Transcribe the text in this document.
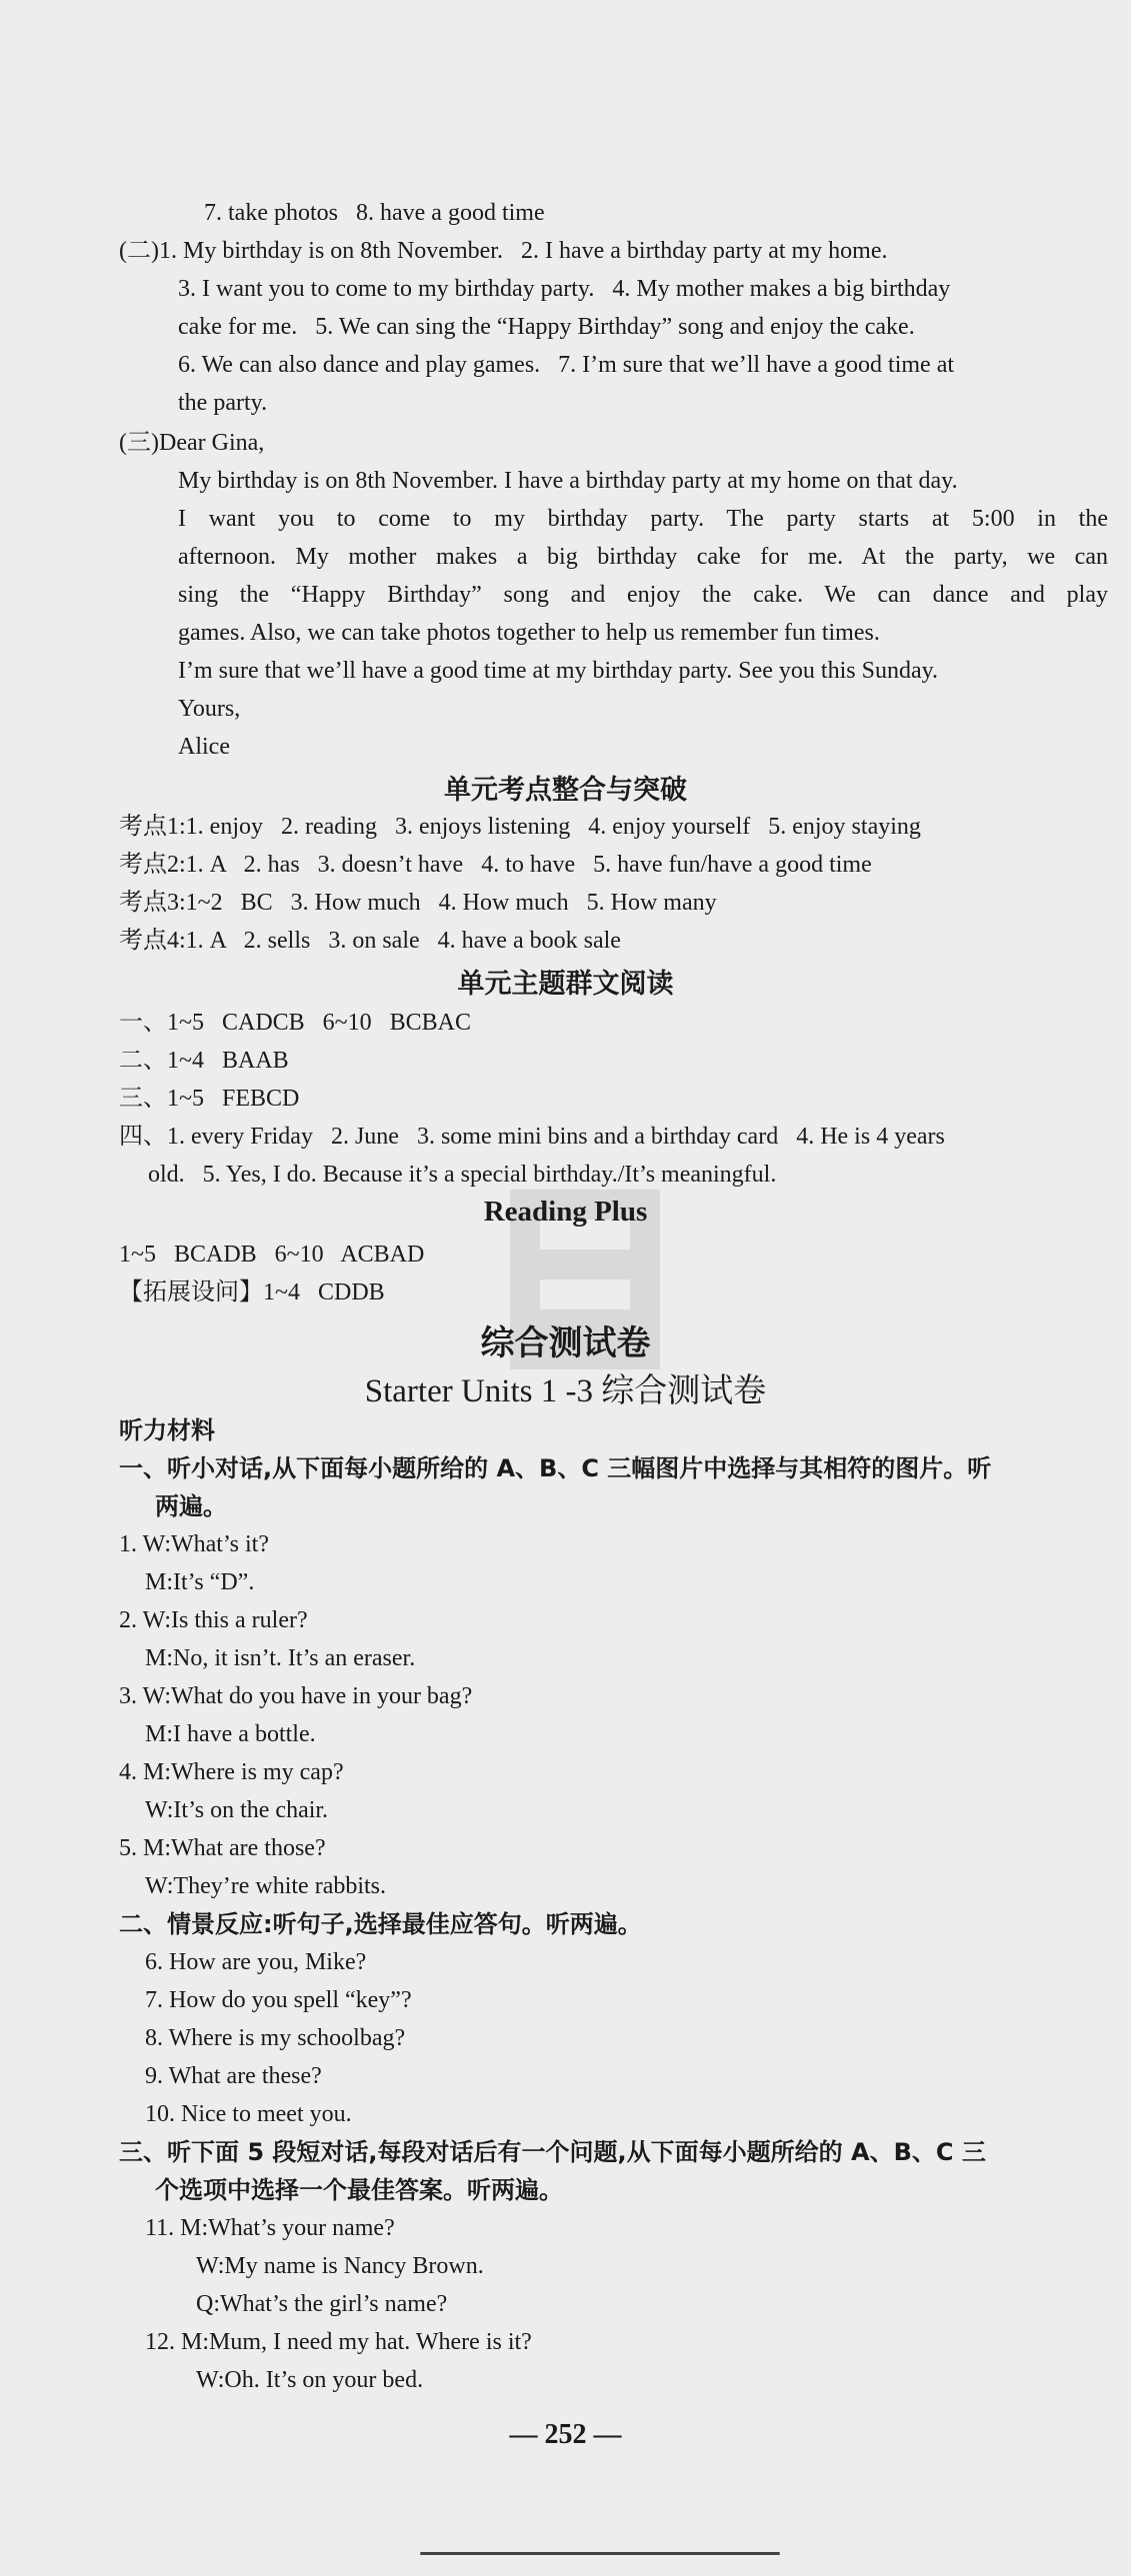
7. take photos   8. have a good time
(二)1. My birthday is on 8th November.   2. I have a birthday party at my home.
3. I want you to come to my birthday party.   4. My mother makes a big birthday
cake for me.   5. We can sing the “Happy Birthday” song and enjoy the cake.
6. We can also dance and play games.   7. I’m sure that we’ll have a good time at
the party.
(三)Dear Gina,
My birthday is on 8th November. I have a birthday party at my home on that day.
I want you to come to my birthday party. The party starts at 5:00 in the
afternoon. My mother makes a big birthday cake for me. At the party, we can
sing the “Happy Birthday” song and enjoy the cake. We can dance and play
games. Also, we can take photos together to help us remember fun times.
I’m sure that we’ll have a good time at my birthday party. See you this Sunday.
Yours,
Alice
单元考点整合与突破
考点1:1. enjoy   2. reading   3. enjoys listening   4. enjoy yourself   5. enjoy staying
考点2:1. A   2. has   3. doesn’t have   4. to have   5. have fun/have a good time
考点3:1~2   BC   3. How much   4. How much   5. How many
考点4:1. A   2. sells   3. on sale   4. have a book sale
单元主题群文阅读
一、1~5   CADCB   6~10   BCBAC
二、1~4   BAAB
三、1~5   FEBCD
四、1. every Friday   2. June   3. some mini bins and a birthday card   4. He is 4 years
old.   5. Yes, I do. Because it’s a special birthday./It’s meaningful.
Reading Plus
1~5   BCADB   6~10   ACBAD
【拓展设问】1~4   CDDB
综合测试卷
Starter Units 1 -3 综合测试卷
听力材料
一、听小对话,从下面每小题所给的 A、B、C 三幅图片中选择与其相符的图片。听
两遍。
1. W:What’s it?
M:It’s “D”.
2. W:Is this a ruler?
M:No, it isn’t. It’s an eraser.
3. W:What do you have in your bag?
M:I have a bottle.
4. M:Where is my cap?
W:It’s on the chair.
5. M:What are those?
W:They’re white rabbits.
二、情景反应:听句子,选择最佳应答句。听两遍。
6. How are you, Mike?
7. How do you spell “key”?
8. Where is my schoolbag?
9. What are these?
10. Nice to meet you.
三、听下面 5 段短对话,每段对话后有一个问题,从下面每小题所给的 A、B、C 三
个选项中选择一个最佳答案。听两遍。
11. M:What’s your name?
W:My name is Nancy Brown.
Q:What’s the girl’s name?
12. M:Mum, I need my hat. Where is it?
W:Oh. It’s on your bed.
— 252 —
